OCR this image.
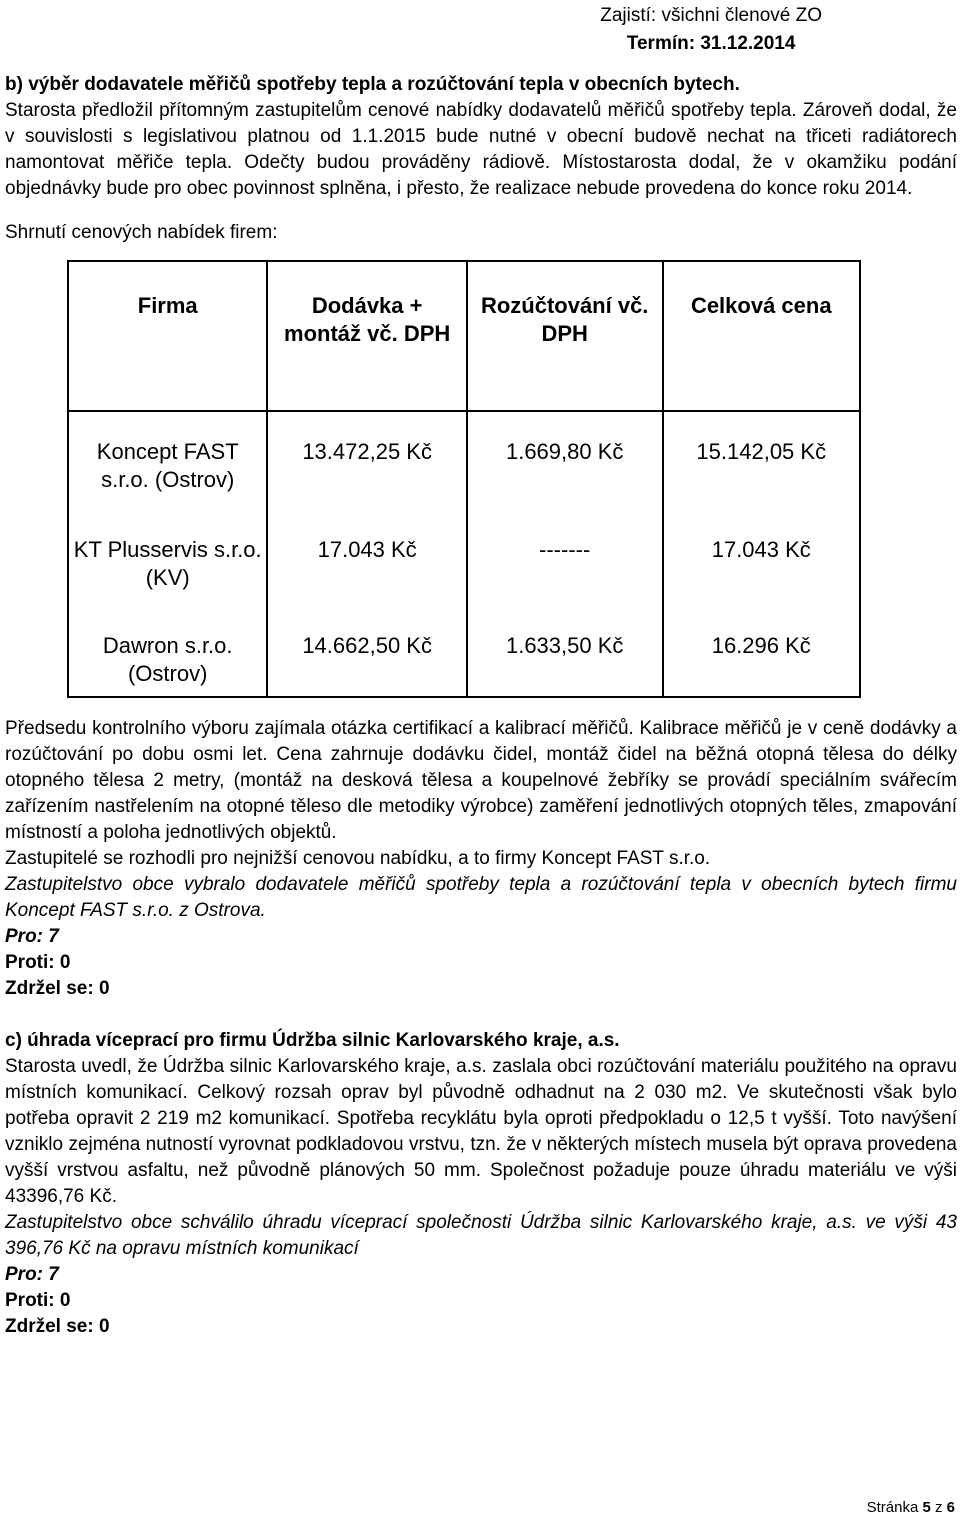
Zajistí: všichni členové ZO
Termín: 31.12.2014

b) výběr dodavatele měřičů spotřeby tepla a rozúčtování tepla v obecních bytech.

Starosta předložil přítomným zastupitelům cenové nabídky dodavatelů měřičů spotřeby tepla. Zároveň dodal, že v souvislosti s legislativou platnou od 1.1.2015 bude nutné v obecní budově nechat na třiceti radiátorech namontovat měřiče tepla. Odečty budou prováděny rádiově. Místostarosta dodal, že v okamžiku podání objednávky bude pro obec povinnost splněna, i přesto, že realizace nebude provedena do konce roku 2014.

Shrnutí cenových nabídek firem:

Firma	Dodávka + montáž vč. DPH	Rozúčtování vč. DPH	Celková cena
Koncept FAST s.r.o. (Ostrov)	13.472,25 Kč	1.669,80 Kč	15.142,05 Kč
KT Plusservis s.r.o. (KV)	17.043 Kč	-------	17.043 Kč
Dawron s.r.o. (Ostrov)	14.662,50 Kč	1.633,50 Kč	16.296 Kč

Předsedu kontrolního výboru zajímala otázka certifikací a kalibrací měřičů. Kalibrace měřičů je v ceně dodávky a rozúčtování po dobu osmi let. Cena zahrnuje dodávku čidel, montáž čidel na běžná otopná tělesa do délky otopného tělesa 2 metry, (montáž na desková tělesa a koupelnové žebříky se provádí speciálním svářecím zařízením nastřelením na otopné těleso dle metodiky výrobce) zaměření jednotlivých otopných těles, zmapování místností a poloha jednotlivých objektů.

Zastupitelé se rozhodli pro nejnižší cenovou nabídku, a to firmy Koncept FAST s.r.o.

Zastupitelstvo obce vybralo dodavatele měřičů spotřeby tepla a rozúčtování tepla v obecních bytech firmu Koncept FAST s.r.o. z Ostrova.

Pro: 7

Proti: 0

Zdržel se: 0

c) úhrada víceprací pro firmu Údržba silnic Karlovarského kraje, a.s.

Starosta uvedl, že Údržba silnic Karlovarského kraje, a.s. zaslala obci rozúčtování materiálu použitého na opravu místních komunikací. Celkový rozsah oprav byl původně odhadnut na 2 030 m2. Ve skutečnosti však bylo potřeba opravit 2 219 m2 komunikací. Spotřeba recyklátu byla oproti předpokladu o 12,5 t vyšší. Toto navýšení vzniklo zejména nutností vyrovnat podkladovou vrstvu, tzn. že v některých místech musela být oprava provedena vyšší vrstvou asfaltu, než původně plánových 50 mm. Společnost požaduje pouze úhradu materiálu ve výši 43396,76 Kč.

Zastupitelstvo obce schválilo úhradu víceprací společnosti Údržba silnic Karlovarského kraje, a.s. ve výši 43 396,76 Kč na opravu místních komunikací

Pro: 7

Proti: 0

Zdržel se: 0

Stránka 5 z 6
